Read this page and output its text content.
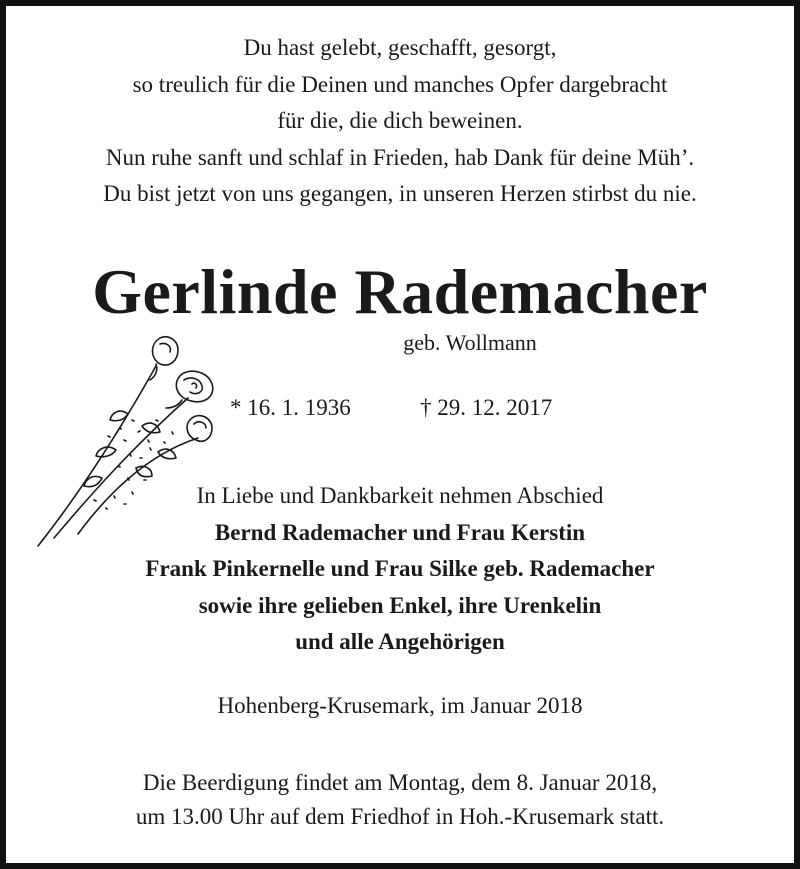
Du hast gelebt, geschafft, gesorgt,
so treulich für die Deinen und manches Opfer dargebracht
für die, die dich beweinen.
Nun ruhe sanft und schlaf in Frieden, hab Dank für deine Müh’.
Du bist jetzt von uns gegangen, in unseren Herzen stirbst du nie.
Gerlinde Rademacher
geb. Wollmann
* 16. 1. 1936	† 29. 12. 2017
In Liebe und Dankbarkeit nehmen Abschied
Bernd Rademacher und Frau Kerstin
Frank Pinkernelle und Frau Silke geb. Rademacher
sowie ihre gelieben Enkel, ihre Urenkelin
und alle Angehörigen
Hohenberg-Krusemark, im Januar 2018
Die Beerdigung findet am Montag, dem 8. Januar 2018,
um 13.00 Uhr auf dem Friedhof in Hoh.-Krusemark statt.
